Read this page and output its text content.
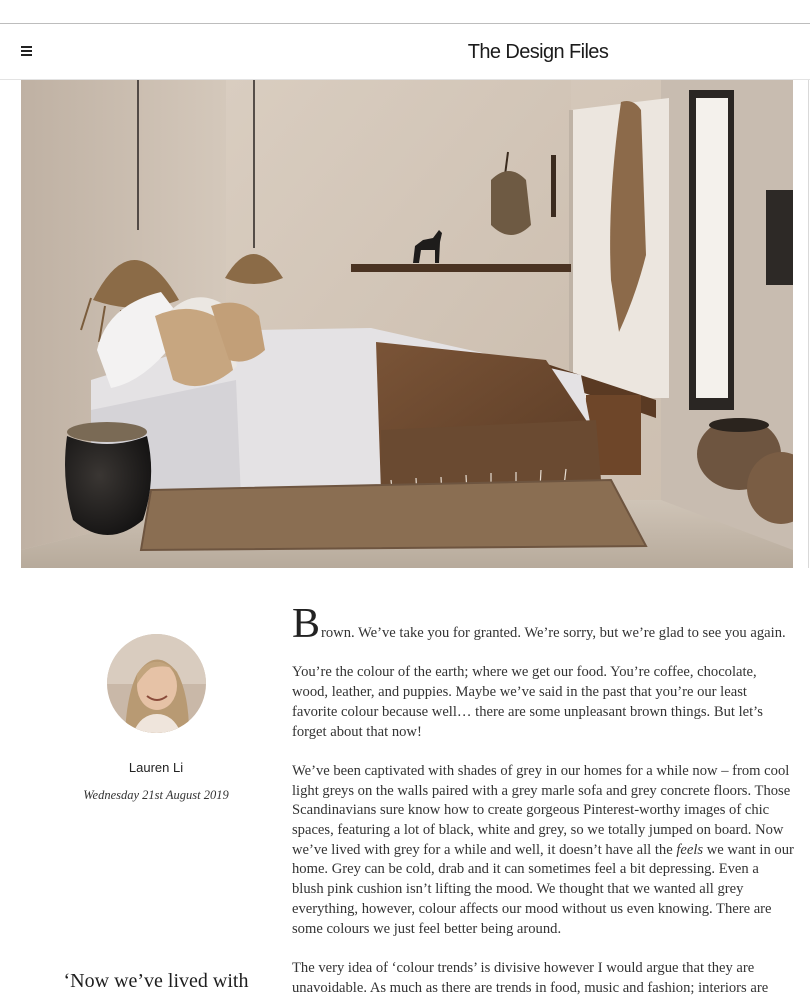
The Design Files
Lauren Li
Wednesday 21st August 2019
‘Now we’ve lived with

Brown. We’ve take you for granted. We’re sorry, but we’re glad to see you again.

You’re the colour of the earth; where we get our food. You’re coffee, chocolate, wood, leather, and puppies. Maybe we’ve said in the past that you’re our least favorite colour because well… there are some unpleasant brown things. But let’s forget about that now!

We’ve been captivated with shades of grey in our homes for a while now – from cool light greys on the walls paired with a grey marle sofa and grey concrete floors. Those Scandinavians sure know how to create gorgeous Pinterest-worthy images of chic spaces, featuring a lot of black, white and grey, so we totally jumped on board. Now we’ve lived with grey for a while and well, it doesn’t have all the feels we want in our home. Grey can be cold, drab and it can sometimes feel a bit depressing. Even a blush pink cushion isn’t lifting the mood. We thought that we wanted all grey everything, however, colour affects our mood without us even knowing. There are some colours we just feel better being around.

The very idea of ‘colour trends’ is divisive however I would argue that they are unavoidable. As much as there are trends in food, music and fashion; interiors are
